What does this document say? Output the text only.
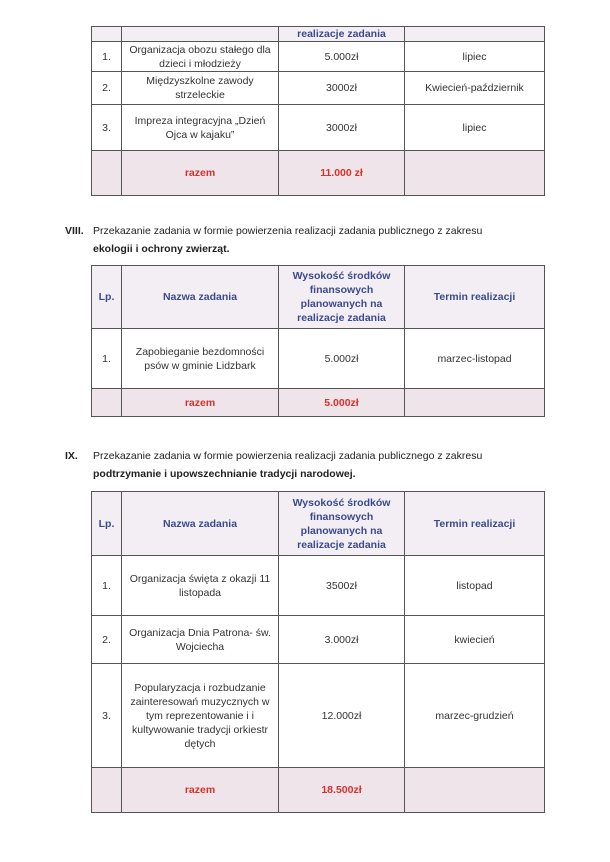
		realizacje zadania	
1.	Organizacja obozu stałego dla dzieci i młodzieży	5.000zł	lipiec
2.	Międzyszkolne zawody strzeleckie	3000zł	Kwiecień-październik
3.	Impreza integracyjna „Dzień Ojca w kajaku”	3000zł	lipiec
	razem	11.000 zł	
VIII. Przekazanie zadania w formie powierzenia realizacji zadania publicznego z zakresu
ekologii i ochrony zwierząt.
Lp.	Nazwa zadania	Wysokość środków finansowych planowanych na realizacje zadania	Termin realizacji
1.	Zapobieganie bezdomności psów w gminie Lidzbark	5.000zł	marzec-listopad
	razem	5.000zł	
IX. Przekazanie zadania w formie powierzenia realizacji zadania publicznego z zakresu
podtrzymanie i upowszechnianie tradycji narodowej.
Lp.	Nazwa zadania	Wysokość środków finansowych planowanych na realizacje zadania	Termin realizacji
1.	Organizacja święta z okazji 11 listopada	3500zł	listopad
2.	Organizacja Dnia Patrona- św. Wojciecha	3.000zł	kwiecień
3.	Popularyzacja i rozbudzanie zainteresowań muzycznych w tym reprezentowanie i i kultywowanie tradycji orkiestr dętych	12.000zł	marzec-grudzień
	razem	18.500zł	
